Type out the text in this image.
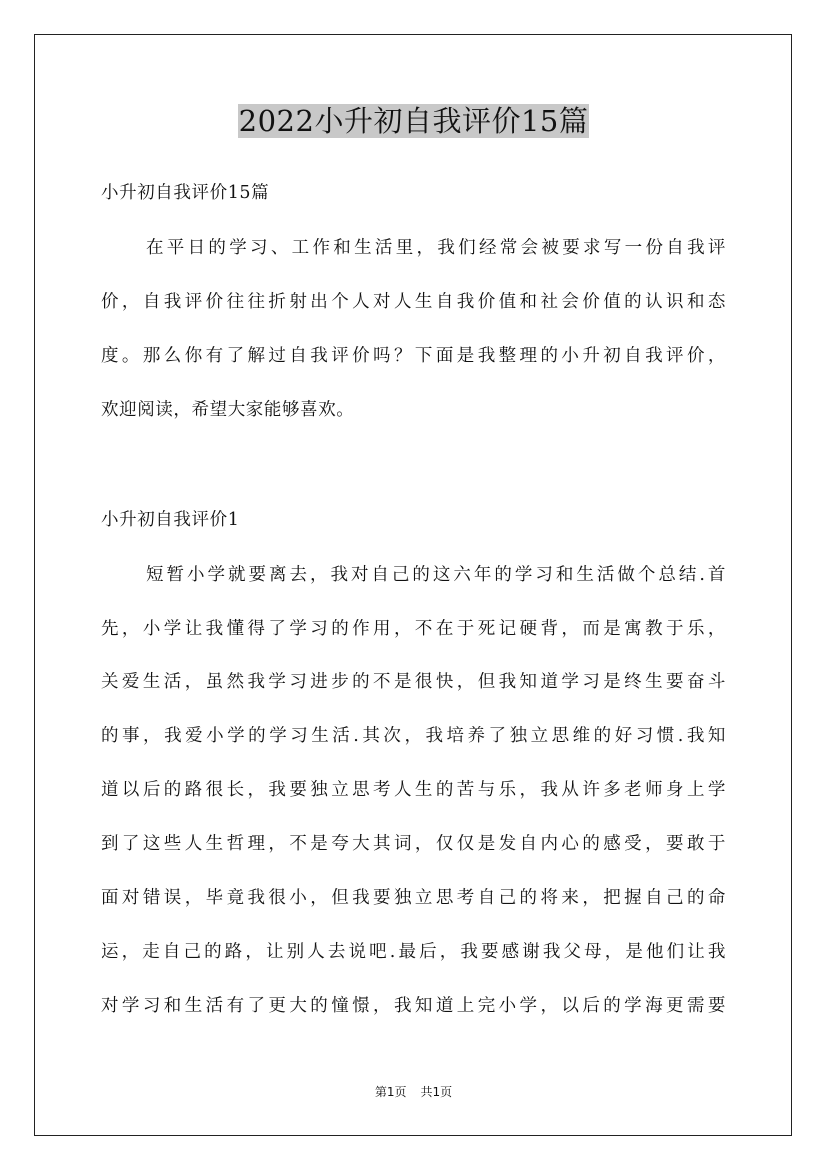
2022小升初自我评价15篇
小升初自我评价15篇
在平日的学习、工作和生活里，我们经常会被要求写一份自我评
价，自我评价往往折射出个人对人生自我价值和社会价值的认识和态
度。那么你有了解过自我评价吗？下面是我整理的小升初自我评价，
欢迎阅读，希望大家能够喜欢。
小升初自我评价1
短暂小学就要离去，我对自己的这六年的学习和生活做个总结.首
先，小学让我懂得了学习的作用，不在于死记硬背，而是寓教于乐，
关爱生活，虽然我学习进步的不是很快，但我知道学习是终生要奋斗
的事，我爱小学的学习生活.其次，我培养了独立思维的好习惯.我知
道以后的路很长，我要独立思考人生的苦与乐，我从许多老师身上学
到了这些人生哲理，不是夸大其词，仅仅是发自内心的感受，要敢于
面对错误，毕竟我很小，但我要独立思考自己的将来，把握自己的命
运，走自己的路，让别人去说吧.最后，我要感谢我父母，是他们让我
对学习和生活有了更大的憧憬，我知道上完小学，以后的学海更需要
第1页 共1页
